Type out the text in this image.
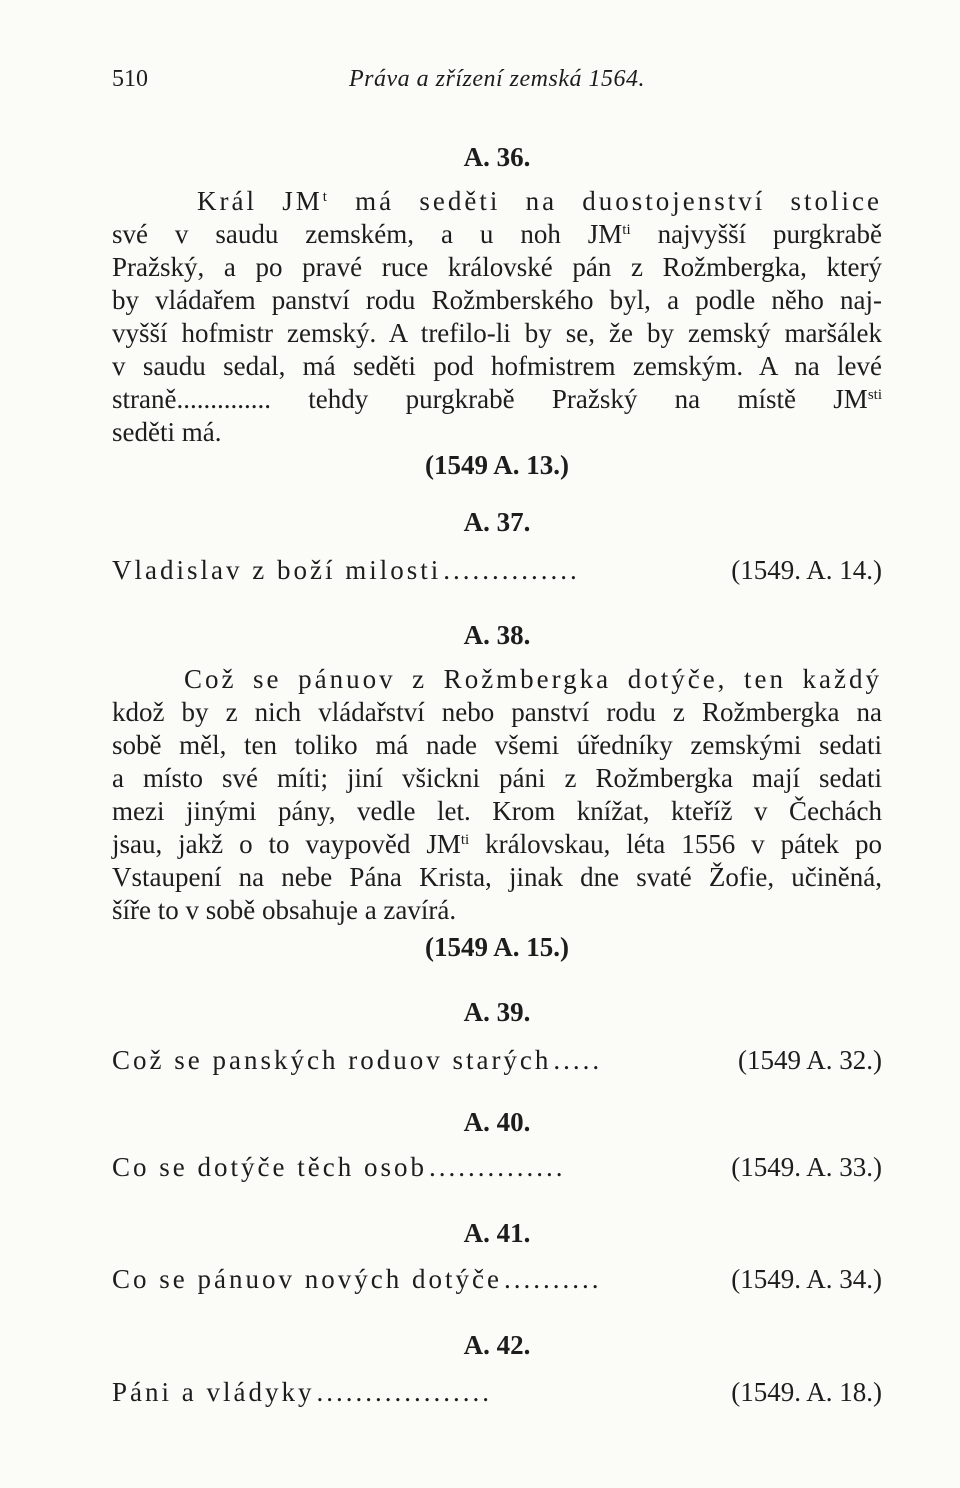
510	Práva a zřízení zemská 1564.
A. 36.
Král $JM^t$ má seděti na duostojenství stolice
své v saudu zemském, a u noh $JM^{ti}$ najvyšší purgkrabě
Pražský, a po pravé ruce královské pán z Rožmbergka, který
by vládařem panství rodu Rožmberského byl, a podle něho naj-
vyšší hofmistr zemský. A trefilo-li by se, že by zemský maršálek
v saudu sedal, má seděti pod hofmistrem zemským. A na levé
straně.............. tehdy purgkrabě Pražský na místě $JM^{sti}$
seděti má.
(1549 A. 13.)
A. 37.
Vladislav z boží milosti ..............	(1549. A. 14.)
A. 38.
Což se pánuov z Rožmbergka dotýče, ten každý
kdož by z nich vládařství nebo panství rodu z Rožmbergka na
sobě měl, ten toliko má nade všemi úředníky zemskými sedati
a místo své míti; jiní všickni páni z Rožmbergka mají sedati
mezi jinými pány, vedle let. Krom knížat, kteříž v Čechách
jsau, jakž o to vaypověd $JM^{ti}$ královskau, léta 1556 v pátek po
Vstaupení na nebe Pána Krista, jinak dne svaté Žofie, učiněná,
šíře to v sobě obsahuje a zavírá.
(1549 A. 15.)
A. 39.
Což se panských roduov starých .....	(1549 A. 32.)
A. 40.
Co se dotýče těch osob ..............	(1549. A. 33.)
A. 41.
Co se pánuov nových dotýče ..........	(1549. A. 34.)
A. 42.
Páni a vládyky ..................	(1549. A. 18.)
